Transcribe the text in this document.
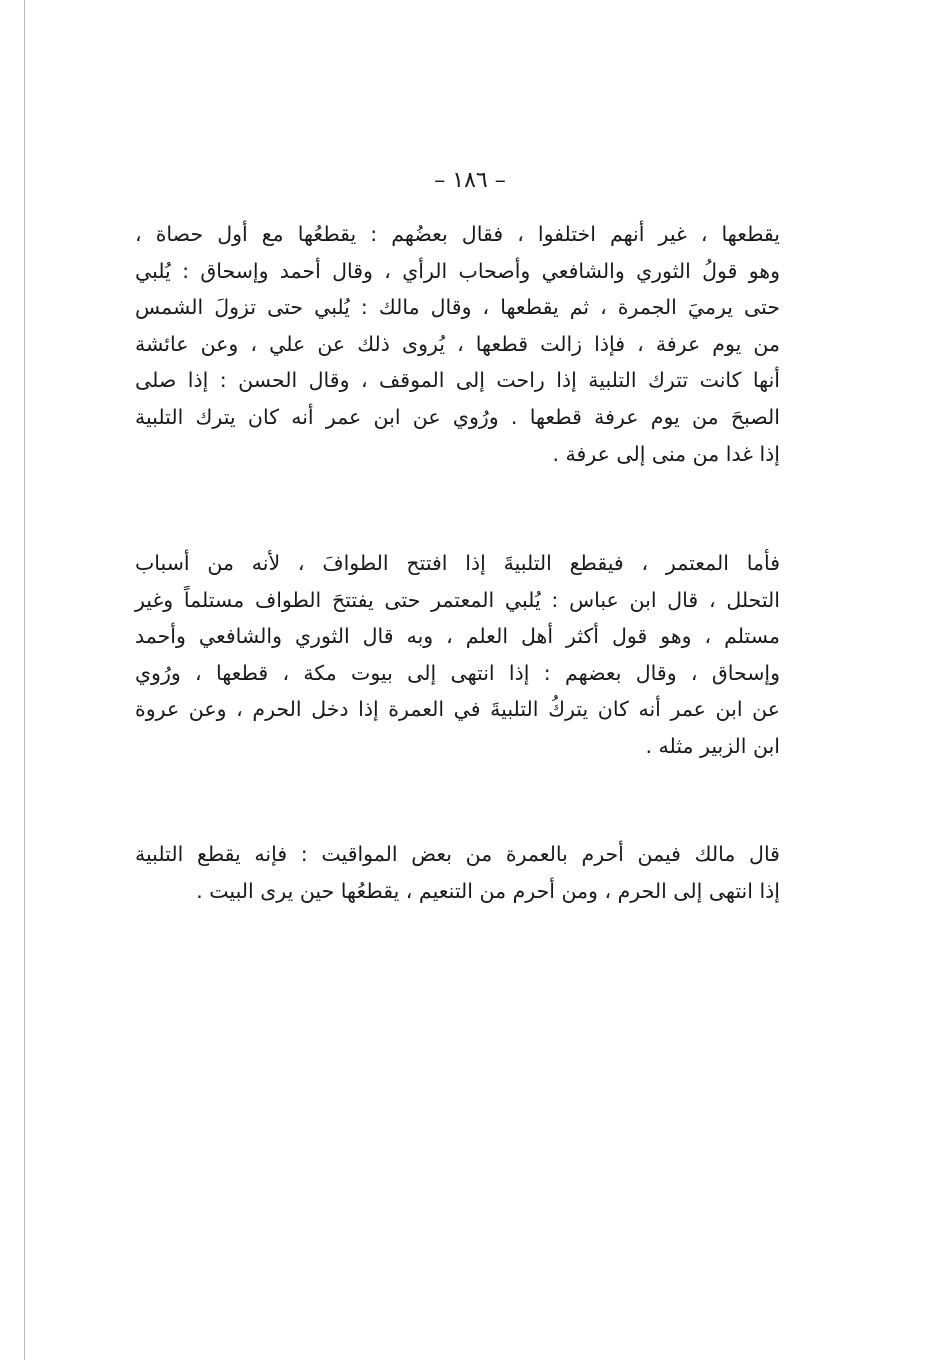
– ١٨٦ –
يقطعها ، غير أنهم اختلفوا ، فقال بعضُهم : يقطعُها مع أول حصاة ،
وهو قولُ الثوري والشافعي وأصحاب الرأي ، وقال أحمد وإسحاق : يُلبي
حتى يرميَ الجمرة ، ثم يقطعها ، وقال مالك : يُلبي حتى تزولَ الشمس
من يوم عرفة ، فإذا زالت قطعها ، يُروى ذلك عن علي ، وعن عائشة
أنها كانت تترك التلبية إذا راحت إلى الموقف ، وقال الحسن : إذا صلى
الصبحَ من يوم عرفة قطعها . ورُوي عن ابن عمر أنه كان يترك التلبية
إذا غدا من منى إلى عرفة .
فأما المعتمر ، فيقطع التلبيةَ إذا افتتح الطوافَ ، لأنه من أسباب
التحلل ، قال ابن عباس : يُلبي المعتمر حتى يفتتحَ الطواف مستلماً وغير
مستلم ، وهو قول أكثر أهل العلم ، وبه قال الثوري والشافعي وأحمد
وإسحاق ، وقال بعضهم : إذا انتهى إلى بيوت مكة ، قطعها ، ورُوي
عن ابن عمر أنه كان يتركُ التلبيةَ في العمرة إذا دخل الحرم ، وعن عروة
ابن الزبير مثله .
قال مالك فيمن أحرم بالعمرة من بعض المواقيت : فإنه يقطع التلبية
إذا انتهى إلى الحرم ، ومن أحرم من التنعيم ، يقطعُها حين يرى البيت .
